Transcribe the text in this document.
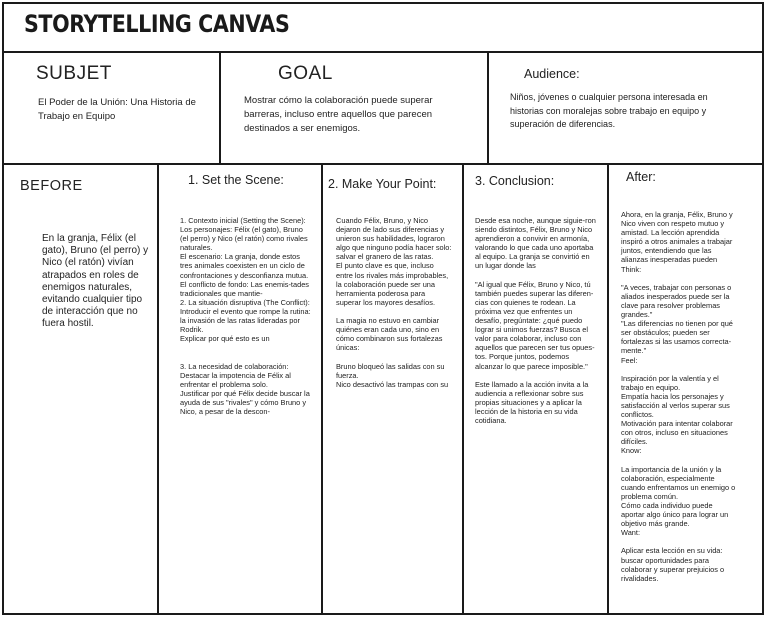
STORYTELLING CANVAS
SUBJET
El Poder de la Unión: Una Historia de Trabajo en Equipo
GOAL
Mostrar cómo la colaboración puede superar barreras, incluso entre aquellos que parecen destinados a ser enemigos.
Audience:
Niños, jóvenes o cualquier persona interesada en historias con moralejas sobre trabajo en equipo y superación de diferencias.
BEFORE
En la granja, Félix (el gato), Bruno (el perro) y Nico (el ratón) vivían atrapados en roles de enemigos naturales, evitando cualquier tipo de interacción que no fuera hostil.
1. Set the Scene:
1. Contexto inicial (Setting the Scene):
Los personajes: Félix (el gato), Bruno (el perro) y Nico (el ratón) como rivales naturales.
El escenario: La granja, donde estos tres animales coexisten en un ciclo de confrontaciones y desconfianza mutua.
El conflicto de fondo: Las enemis-tades tradicionales que mantie-
2. La situación disruptiva (The Conflict):
Introducir el evento que rompe la rutina: la invasión de las ratas lideradas por Rodrik.
Explicar por qué esto es un

3. La necesidad de colaboración:
Destacar la impotencia de Félix al enfrentar el problema solo.
Justificar por qué Félix decide buscar la ayuda de sus "rivales" y cómo Bruno y Nico, a pesar de la descon-
2. Make Your Point:
Cuando Félix, Bruno, y Nico dejaron de lado sus diferencias y unieron sus habilidades, lograron algo que ninguno podía hacer solo: salvar el granero de las ratas.
El punto clave es que, incluso entre los rivales más improbables, la colaboración puede ser una herramienta poderosa para superar los mayores desafíos.

La magia no estuvo en cambiar quiénes eran cada uno, sino en cómo combinaron sus fortalezas únicas:

Bruno bloqueó las salidas con su fuerza.
Nico desactivó las trampas con su
3. Conclusion:
Desde esa noche, aunque siguie-ron siendo distintos, Félix, Bruno y Nico aprendieron a convivir en armonía, valorando lo que cada uno aportaba al equipo. La granja se convirtió en un lugar donde las

"Al igual que Félix, Bruno y Nico, tú también puedes superar las diferen-cias con quienes te rodean. La próxima vez que enfrentes un desafío, pregúntate: ¿qué puedo lograr si unimos fuerzas? Busca el valor para colaborar, incluso con aquellos que parecen ser tus opues-tos. Porque juntos, podemos alcanzar lo que parece imposible."

Este llamado a la acción invita a la audiencia a reflexionar sobre sus propias situaciones y a aplicar la lección de la historia en su vida cotidiana.
After:
Ahora, en la granja, Félix, Bruno y Nico viven con respeto mutuo y amistad. La lección aprendida inspiró a otros animales a trabajar juntos, entendiendo que las alianzas inesperadas pueden Think:

"A veces, trabajar con personas o aliados inesperados puede ser la clave para resolver problemas grandes."
"Las diferencias no tienen por qué ser obstáculos; pueden ser fortalezas si las usamos correcta-mente."
Feel:

Inspiración por la valentía y el trabajo en equipo.
Empatía hacia los personajes y satisfacción al verlos superar sus conflictos.
Motivación para intentar colaborar con otros, incluso en situaciones difíciles.
Know:

La importancia de la unión y la colaboración, especialmente cuando enfrentamos un enemigo o problema común.
Cómo cada individuo puede aportar algo único para lograr un objetivo más grande.
Want:

Aplicar esta lección en su vida: buscar oportunidades para colaborar y superar prejuicios o rivalidades.
